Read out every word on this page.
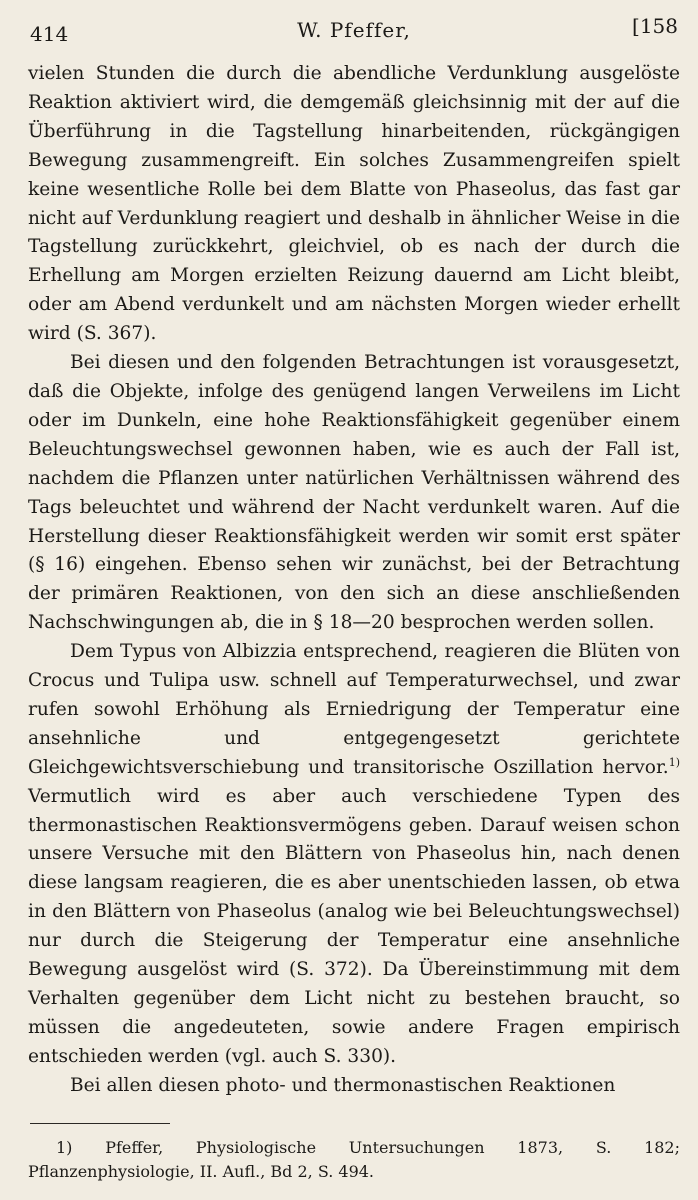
414	W. Pfeffer,	[158

vielen Stunden die durch die abendliche Verdunklung ausgelöste Reaktion aktiviert wird, die demgemäß gleichsinnig mit der auf die Überführung in die Tagstellung hinarbeitenden, rückgängigen Bewegung zusammengreift. Ein solches Zusammengreifen spielt keine wesentliche Rolle bei dem Blatte von Phaseolus, das fast gar nicht auf Verdunklung reagiert und deshalb in ähnlicher Weise in die Tagstellung zurückkehrt, gleichviel, ob es nach der durch die Erhellung am Morgen erzielten Reizung dauernd am Licht bleibt, oder am Abend verdunkelt und am nächsten Morgen wieder erhellt wird (S. 367).

Bei diesen und den folgenden Betrachtungen ist vorausgesetzt, daß die Objekte, infolge des genügend langen Verweilens im Licht oder im Dunkeln, eine hohe Reaktionsfähigkeit gegenüber einem Beleuchtungswechsel gewonnen haben, wie es auch der Fall ist, nachdem die Pflanzen unter natürlichen Verhältnissen während des Tags beleuchtet und während der Nacht verdunkelt waren. Auf die Herstellung dieser Reaktionsfähigkeit werden wir somit erst später (§ 16) eingehen. Ebenso sehen wir zunächst, bei der Betrachtung der primären Reaktionen, von den sich an diese anschließenden Nachschwingungen ab, die in § 18—20 besprochen werden sollen.

Dem Typus von Albizzia entsprechend, reagieren die Blüten von Crocus und Tulipa usw. schnell auf Temperaturwechsel, und zwar rufen sowohl Erhöhung als Erniedrigung der Temperatur eine ansehnliche und entgegengesetzt gerichtete Gleichgewichtsverschiebung und transitorische Oszillation hervor.$^{1)}$ Vermutlich wird es aber auch verschiedene Typen des thermonastischen Reaktionsvermögens geben. Darauf weisen schon unsere Versuche mit den Blättern von Phaseolus hin, nach denen diese langsam reagieren, die es aber unentschieden lassen, ob etwa in den Blättern von Phaseolus (analog wie bei Beleuchtungswechsel) nur durch die Steigerung der Temperatur eine ansehnliche Bewegung ausgelöst wird (S. 372). Da Übereinstimmung mit dem Verhalten gegenüber dem Licht nicht zu bestehen braucht, so müssen die angedeuteten, sowie andere Fragen empirisch entschieden werden (vgl. auch S. 330).

Bei allen diesen photo- und thermonastischen Reaktionen

1) Pfeffer, Physiologische Untersuchungen 1873, S. 182; Pflanzenphysiologie, II. Aufl., Bd 2, S. 494.
